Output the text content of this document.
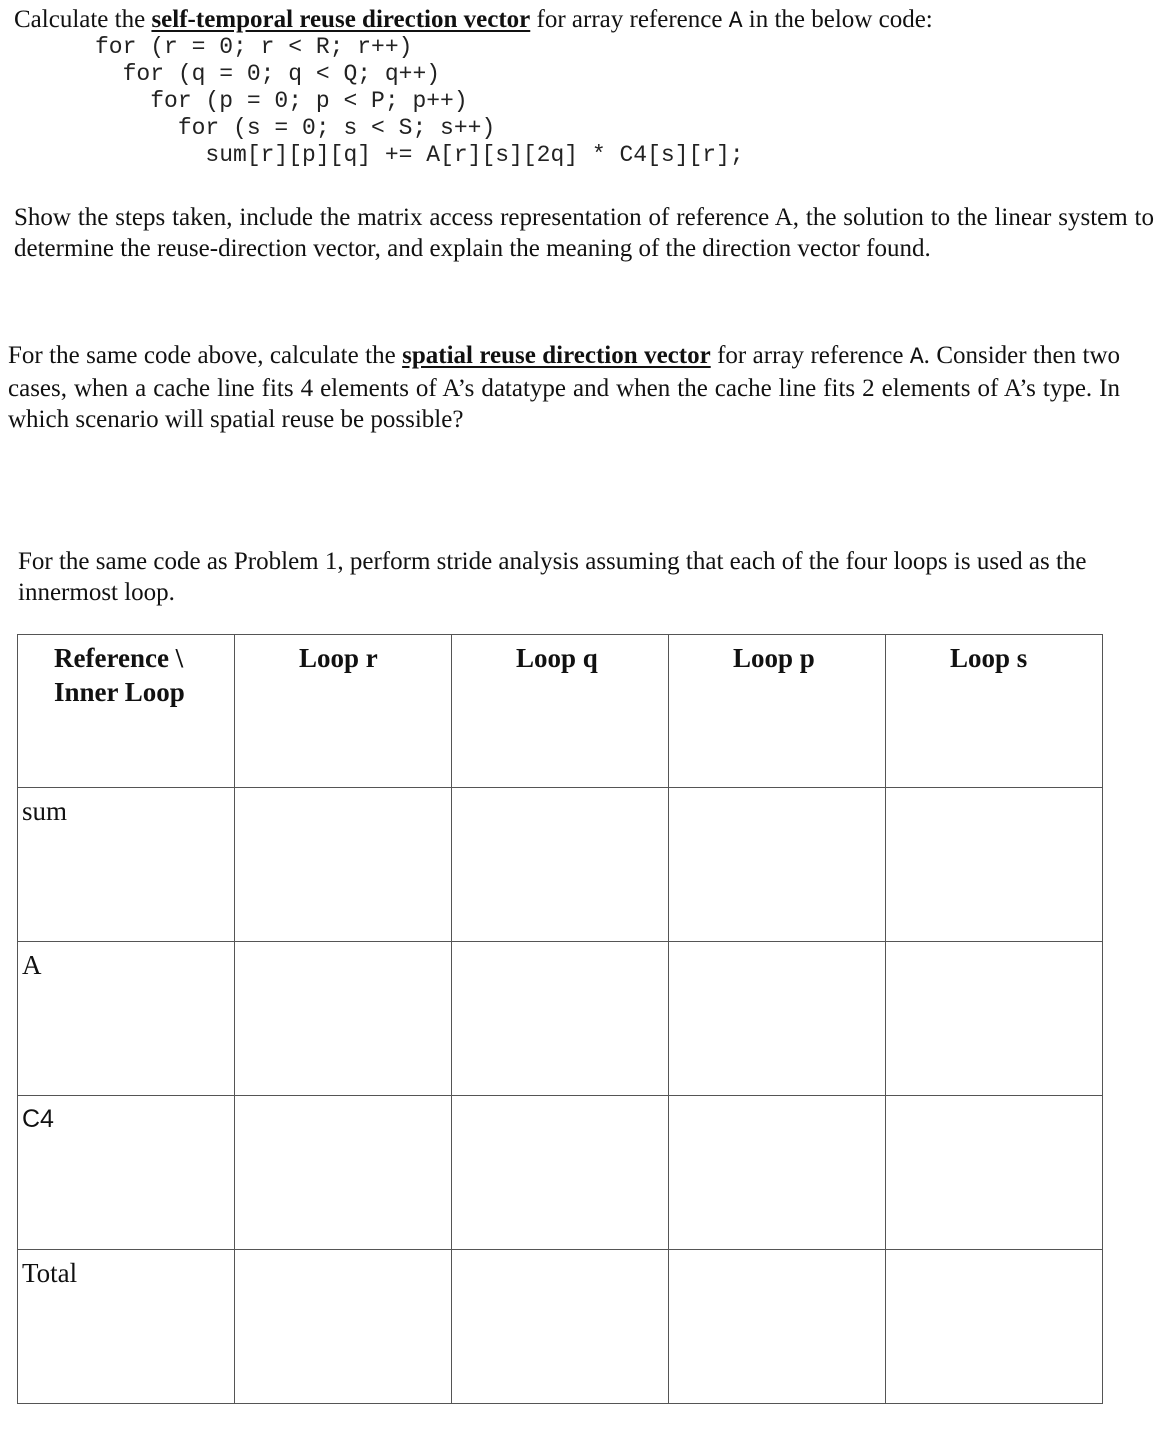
Calculate the self-temporal reuse direction vector for array reference A in the below code:

for (r = 0; r < R; r++)
for (q = 0; q < Q; q++)
for (p = 0; p < P; p++)
for (s = 0; s < S; s++)
sum[r][p][q] += A[r][s][2q] * C4[s][r];

Show the steps taken, include the matrix access representation of reference A, the solution to the linear system to determine the reuse-direction vector, and explain the meaning of the direction vector found.

For the same code above, calculate the spatial reuse direction vector for array reference A. Consider then two cases, when a cache line fits 4 elements of A’s datatype and when the cache line fits 2 elements of A’s type. In which scenario will spatial reuse be possible?

For the same code as Problem 1, perform stride analysis assuming that each of the four loops is used as the innermost loop.

Reference \
Inner Loop	Loop r	Loop q	Loop p	Loop s
sum				
A				
C4				
Total				
